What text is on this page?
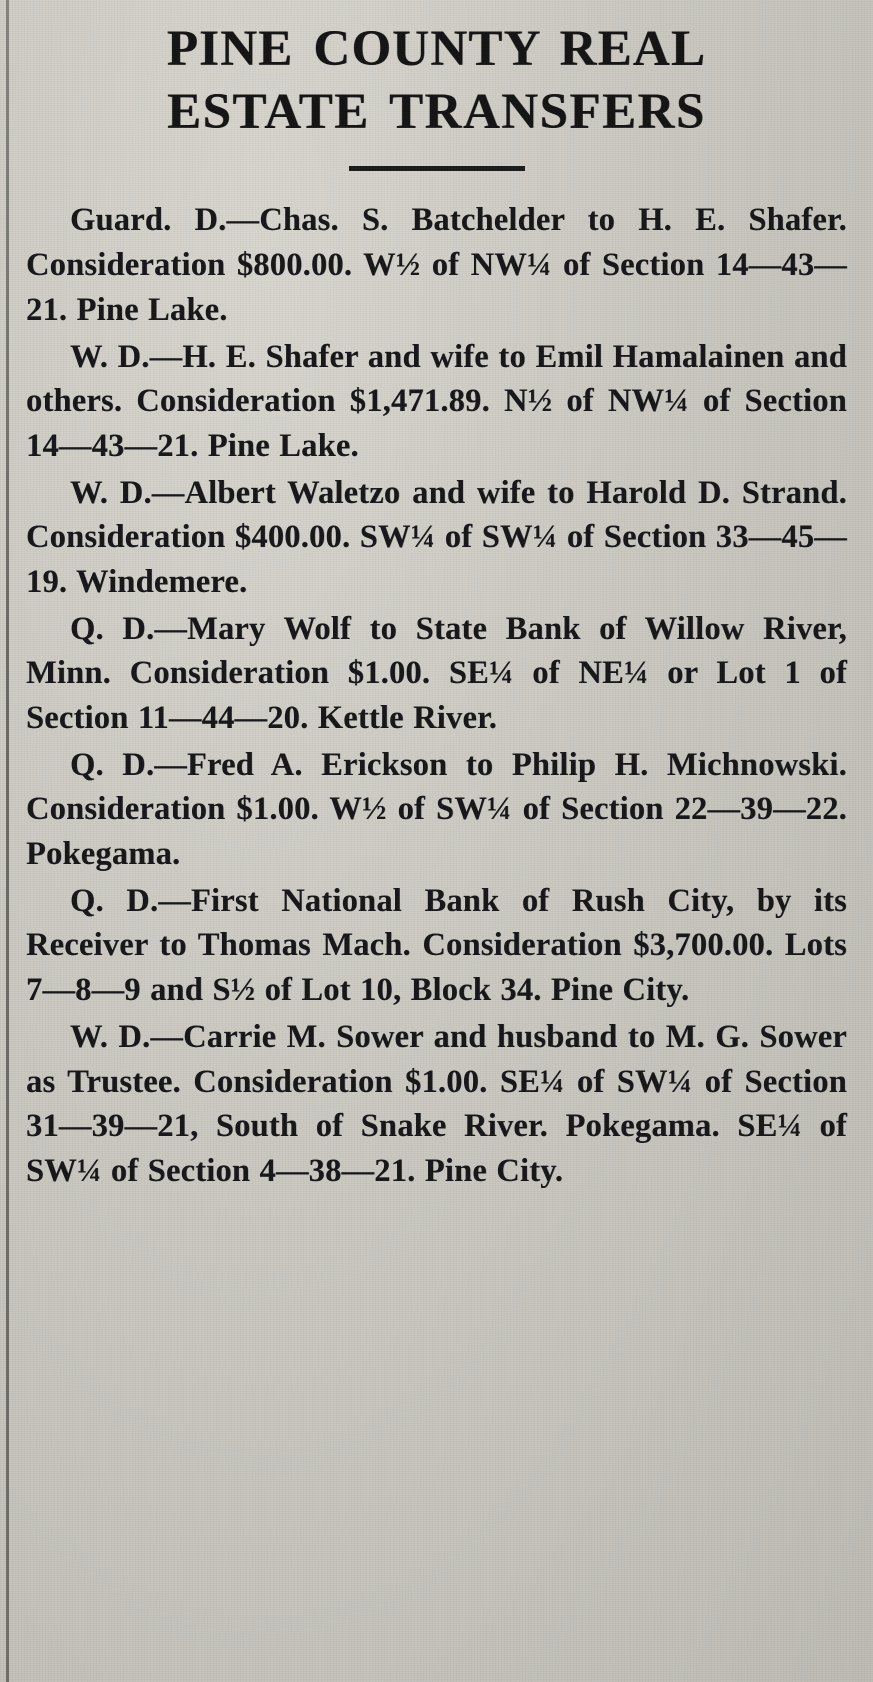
PINE COUNTY REAL
ESTATE TRANSFERS

Guard. D.—Chas. S. Batchelder to H. E. Shafer. Consideration $800.00. W½ of NW¼ of Section 14—43—21. Pine Lake.

W. D.—H. E. Shafer and wife to Emil Hamalainen and others. Consideration $1,471.89. N½ of NW¼ of Section 14—43—21. Pine Lake.

W. D.—Albert Waletzo and wife to Harold D. Strand. Consideration $400.00. SW¼ of SW¼ of Section 33—45—19. Windemere.

Q. D.—Mary Wolf to State Bank of Willow River, Minn. Consideration $1.00. SE¼ of NE¼ or Lot 1 of Section 11—44—20. Kettle River.

Q. D.—Fred A. Erickson to Philip H. Michnowski. Consideration $1.00. W½ of SW¼ of Section 22—39—22. Pokegama.

Q. D.—First National Bank of Rush City, by its Receiver to Thomas Mach. Consideration $3,700.00. Lots 7—8—9 and S½ of Lot 10, Block 34. Pine City.

W. D.—Carrie M. Sower and husband to M. G. Sower as Trustee. Consideration $1.00. SE¼ of SW¼ of Section 31—39—21, South of Snake River. Pokegama. SE¼ of SW¼ of Section 4—38—21. Pine City.
